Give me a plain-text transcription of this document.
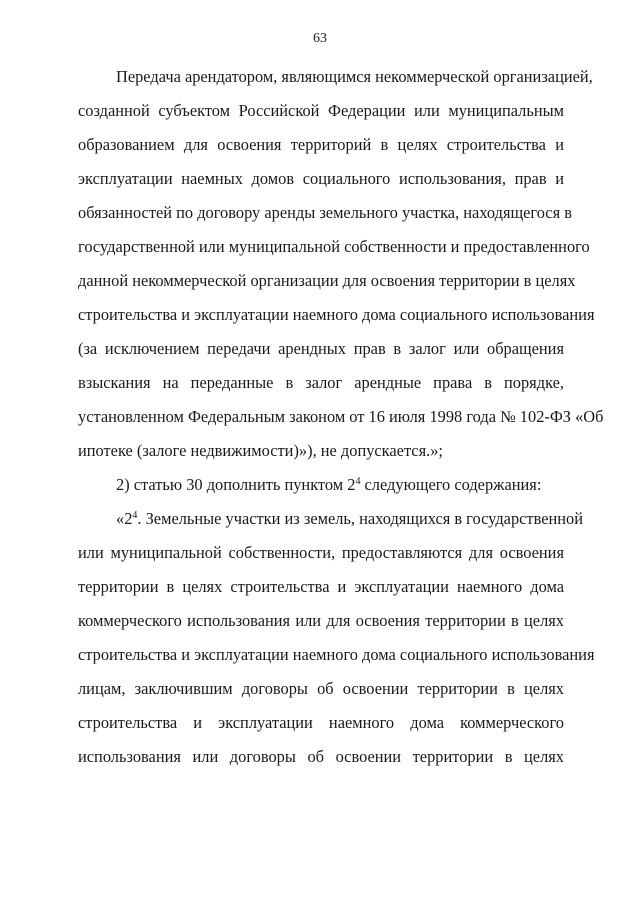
63
Передача арендатором, являющимся некоммерческой организацией,
созданной субъектом Российской Федерации или муниципальным
образованием для освоения территорий в целях строительства и
эксплуатации наемных домов социального использования, прав и
обязанностей по договору аренды земельного участка, находящегося в
государственной или муниципальной собственности и предоставленного
данной некоммерческой организации для освоения территории в целях
строительства и эксплуатации наемного дома социального использования
(за исключением передачи арендных прав в залог или обращения
взыскания на переданные в залог арендные права в порядке,
установленном Федеральным законом от 16 июля 1998 года № 102-ФЗ «Об
ипотеке (залоге недвижимости)»), не допускается.»;
2) статью 30 дополнить пунктом $2^4$ следующего содержания:
«$2^4$. Земельные участки из земель, находящихся в государственной
или муниципальной собственности, предоставляются для освоения
территории в целях строительства и эксплуатации наемного дома
коммерческого использования или для освоения территории в целях
строительства и эксплуатации наемного дома социального использования
лицам, заключившим договоры об освоении территории в целях
строительства и эксплуатации наемного дома коммерческого
использования или договоры об освоении территории в целях
